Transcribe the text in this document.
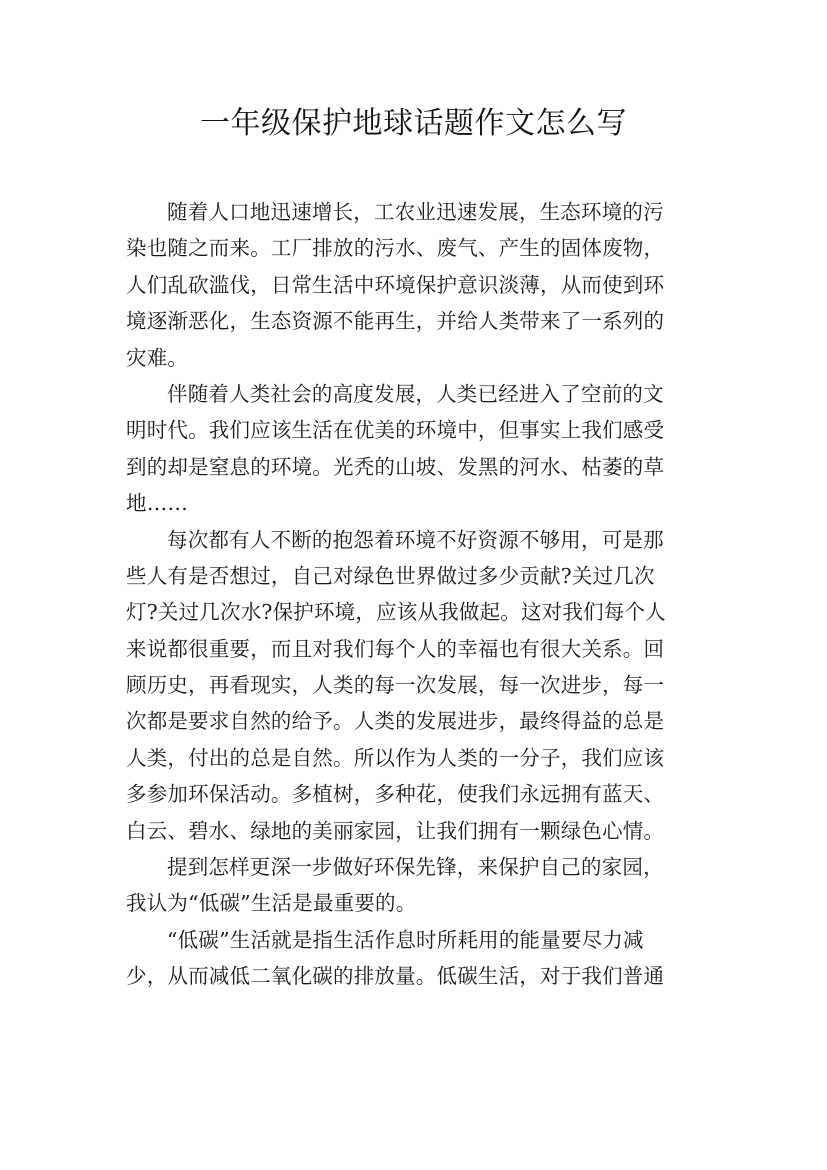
一年级保护地球话题作文怎么写
随着人口地迅速增长，工农业迅速发展，生态环境的污
染也随之而来。工厂排放的污水、废气、产生的固体废物，
人们乱砍滥伐，日常生活中环境保护意识淡薄，从而使到环
境逐渐恶化，生态资源不能再生，并给人类带来了一系列的
灾难。
伴随着人类社会的高度发展，人类已经进入了空前的文
明时代。我们应该生活在优美的环境中，但事实上我们感受
到的却是窒息的环境。光秃的山坡、发黑的河水、枯萎的草
地……
每次都有人不断的抱怨着环境不好资源不够用，可是那
些人有是否想过，自己对绿色世界做过多少贡献?关过几次
灯?关过几次水?保护环境，应该从我做起。这对我们每个人
来说都很重要，而且对我们每个人的幸福也有很大关系。回
顾历史，再看现实，人类的每一次发展，每一次进步，每一
次都是要求自然的给予。人类的发展进步，最终得益的总是
人类，付出的总是自然。所以作为人类的一分子，我们应该
多参加环保活动。多植树，多种花，使我们永远拥有蓝天、
白云、碧水、绿地的美丽家园，让我们拥有一颗绿色心情。
提到怎样更深一步做好环保先锋，来保护自己的家园，
我认为“低碳”生活是最重要的。
“低碳”生活就是指生活作息时所耗用的能量要尽力减
少，从而减低二氧化碳的排放量。低碳生活，对于我们普通
